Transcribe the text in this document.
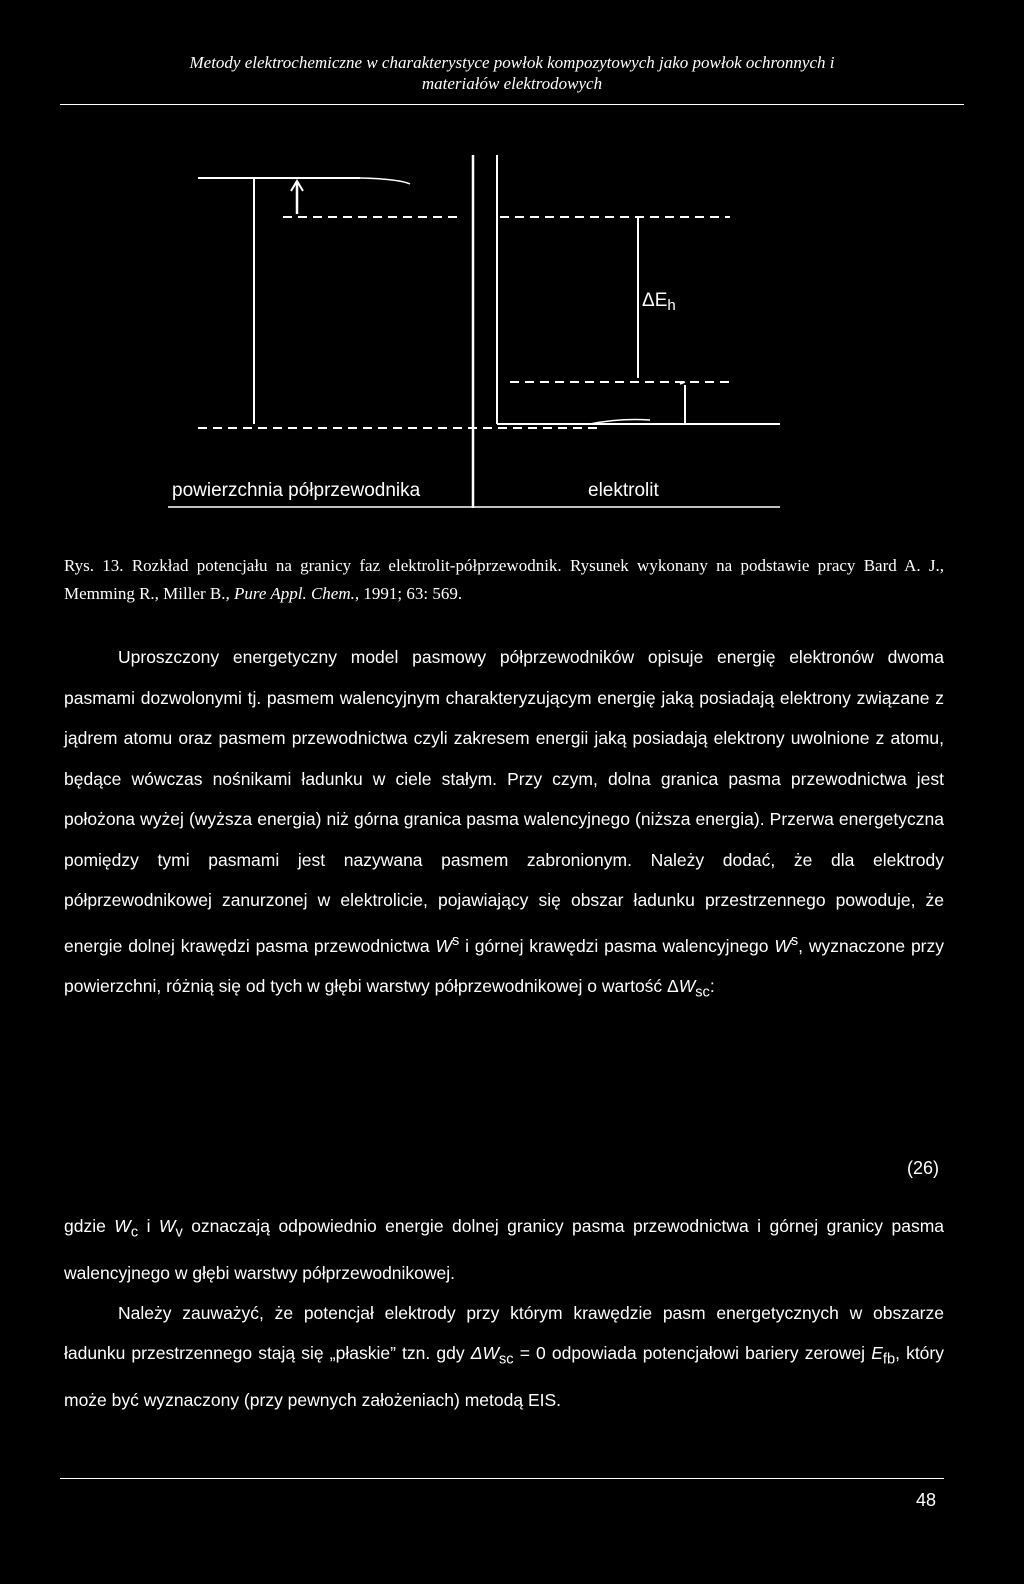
Metody elektrochemiczne w charakterystyce powłok kompozytowych jako powłok ochronnych i
materiałów elektrodowych
$\Delta E_h$
powierzchnia półprzewodnika	elektrolit
Rys. 13. Rozkład potencjału na granicy faz elektrolit-półprzewodnik. Rysunek wykonany na podstawie pracy Bard A. J., Memming R., Miller B., Pure Appl. Chem., 1991; 63: 569.

Uproszczony energetyczny model pasmowy półprzewodników opisuje energię elektronów dwoma pasmami dozwolonymi tj. pasmem walencyjnym charakteryzującym energię jaką posiadają elektrony związane z jądrem atomu oraz pasmem przewodnictwa czyli zakresem energii jaką posiadają elektrony uwolnione z atomu, będące wówczas nośnikami ładunku w ciele stałym. Przy czym, dolna granica pasma przewodnictwa jest położona wyżej (wyższa energia) niż górna granica pasma walencyjnego (niższa energia). Przerwa energetyczna pomiędzy tymi pasmami jest nazywana pasmem zabronionym. Należy dodać, że dla elektrody półprzewodnikowej zanurzonej w elektrolicie, pojawiający się obszar ładunku przestrzennego powoduje, że energie dolnej krawędzi pasma przewodnictwa $W^s$ i górnej krawędzi pasma walencyjnego $W^s$, wyznaczone przy powierzchni, różnią się od tych w głębi warstwy półprzewodnikowej o wartość $\Delta W_{sc}$:

(26)

gdzie $W_c$ i $W_v$ oznaczają odpowiednio energie dolnej granicy pasma przewodnictwa i górnej granicy pasma walencyjnego w głębi warstwy półprzewodnikowej.

Należy zauważyć, że potencjał elektrody przy którym krawędzie pasm energetycznych w obszarze ładunku przestrzennego stają się „płaskie” tzn. gdy $\Delta W_{sc} = 0$ odpowiada potencjałowi bariery zerowej $E_{fb}$, który może być wyznaczony (przy pewnych założeniach) metodą EIS.

48
